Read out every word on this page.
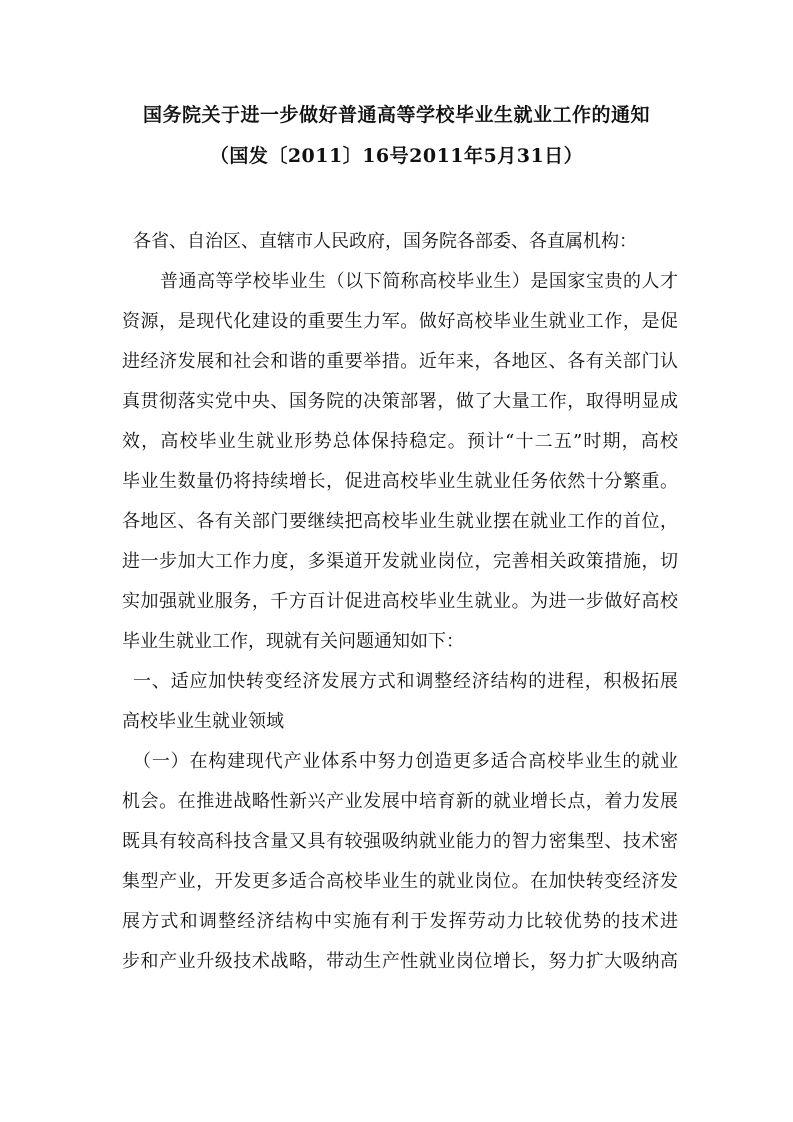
国务院关于进一步做好普通高等学校毕业生就业工作的通知
（国发〔2011〕16号2011年5月31日）
各省、自治区、直辖市人民政府，国务院各部委、各直属机构：
普通高等学校毕业生（以下简称高校毕业生）是国家宝贵的人才
资源，是现代化建设的重要生力军。做好高校毕业生就业工作，是促
进经济发展和社会和谐的重要举措。近年来，各地区、各有关部门认
真贯彻落实党中央、国务院的决策部署，做了大量工作，取得明显成
效，高校毕业生就业形势总体保持稳定。预计“十二五”时期，高校
毕业生数量仍将持续增长，促进高校毕业生就业任务依然十分繁重。
各地区、各有关部门要继续把高校毕业生就业摆在就业工作的首位，
进一步加大工作力度，多渠道开发就业岗位，完善相关政策措施，切
实加强就业服务，千方百计促进高校毕业生就业。为进一步做好高校
毕业生就业工作，现就有关问题通知如下：
一、适应加快转变经济发展方式和调整经济结构的进程，积极拓展
高校毕业生就业领域
（一）在构建现代产业体系中努力创造更多适合高校毕业生的就业
机会。在推进战略性新兴产业发展中培育新的就业增长点，着力发展
既具有较高科技含量又具有较强吸纳就业能力的智力密集型、技术密
集型产业，开发更多适合高校毕业生的就业岗位。在加快转变经济发
展方式和调整经济结构中实施有利于发挥劳动力比较优势的技术进
步和产业升级技术战略，带动生产性就业岗位增长，努力扩大吸纳高
